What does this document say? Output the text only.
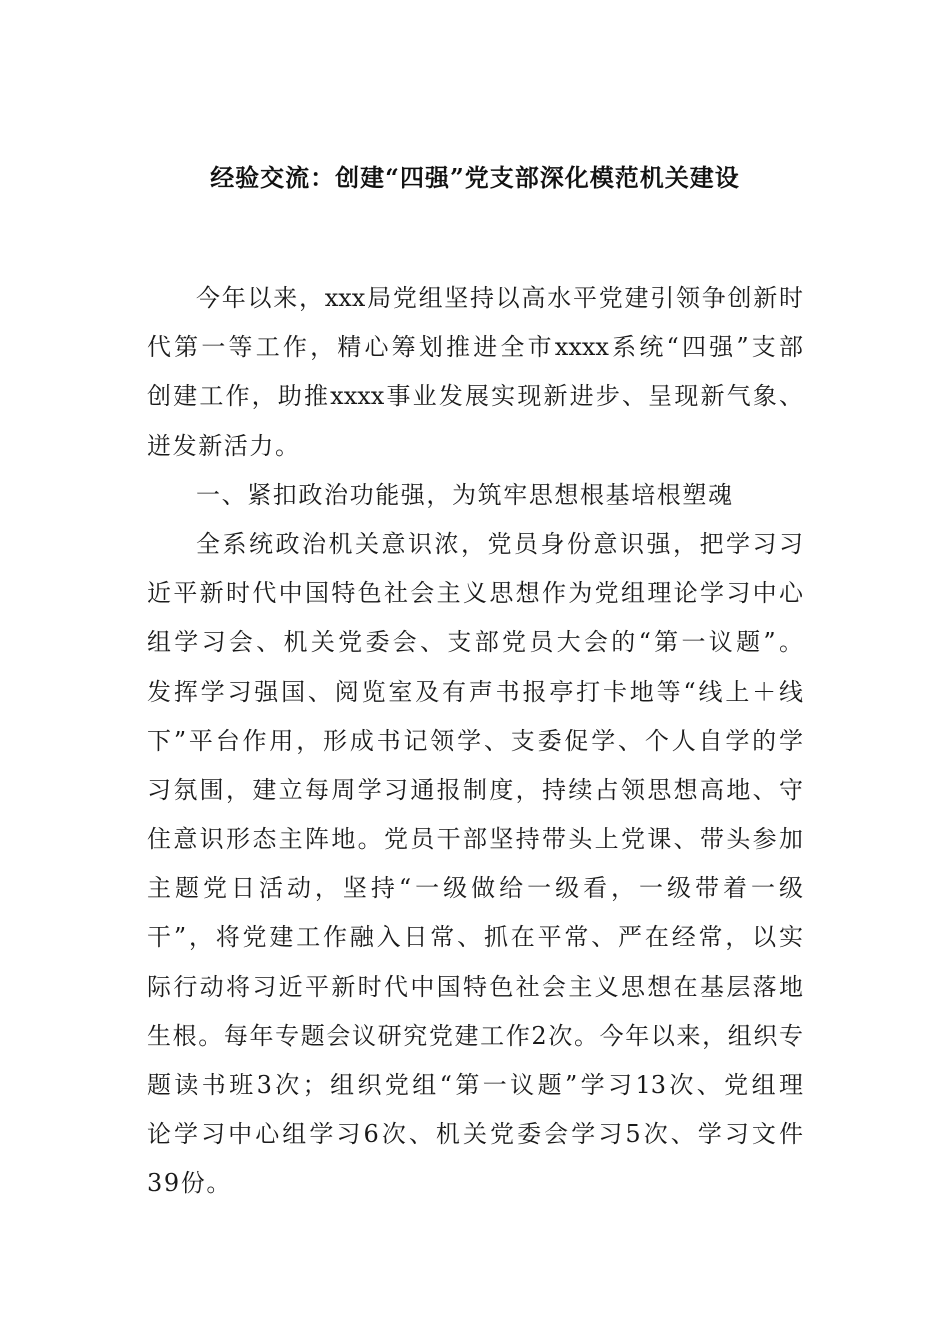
经验交流：创建“四强”党支部深化模范机关建设
今年以来，xxx局党组坚持以高水平党建引领争创新时
代第一等工作，精心筹划推进全市xxxx系统“四强”支部
创建工作，助推xxxx事业发展实现新进步、呈现新气象、
迸发新活力。
一、紧扣政治功能强，为筑牢思想根基培根塑魂
全系统政治机关意识浓，党员身份意识强，把学习习
近平新时代中国特色社会主义思想作为党组理论学习中心
组学习会、机关党委会、支部党员大会的“第一议题”。
发挥学习强国、阅览室及有声书报亭打卡地等“线上＋线
下”平台作用，形成书记领学、支委促学、个人自学的学
习氛围，建立每周学习通报制度，持续占领思想高地、守
住意识形态主阵地。党员干部坚持带头上党课、带头参加
主题党日活动，坚持“一级做给一级看，一级带着一级
干”，将党建工作融入日常、抓在平常、严在经常，以实
际行动将习近平新时代中国特色社会主义思想在基层落地
生根。每年专题会议研究党建工作2次。今年以来，组织专
题读书班3次；组织党组“第一议题”学习13次、党组理
论学习中心组学习6次、机关党委会学习5次、学习文件
39份。
